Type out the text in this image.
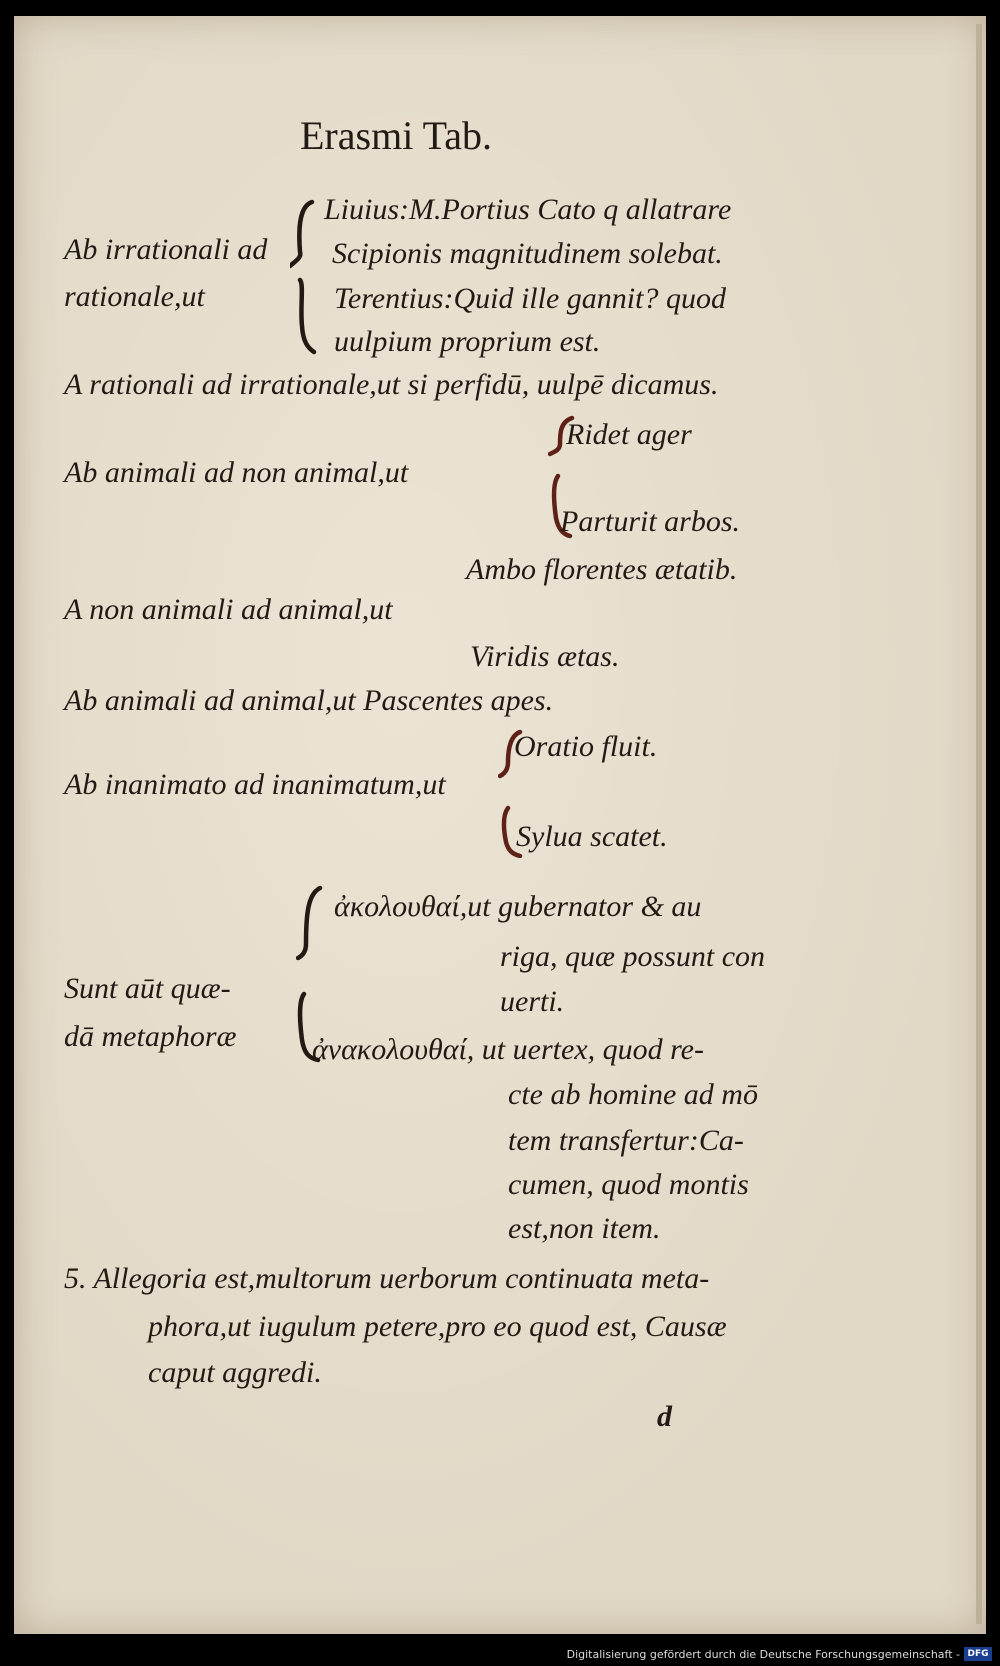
Erasmi Tab.
Ab irrationali ad
rationale,ut
Liuius:M.Portius Cato q allatrare
Scipionis magnitudinem solebat.
Terentius:Quid ille gannit? quod
uulpium proprium est.
A rationali ad irrationale,ut si perfidū, uulpē dicamus.
Ridet ager
Ab animali ad non animal,ut
Parturit arbos.
Ambo florentes ætatib.
A non animali ad animal,ut
Viridis ætas.
Ab animali ad animal,ut Pascentes apes.
Oratio fluit.
Ab inanimato ad inanimatum,ut
Sylua scatet.
ἀκολουθαί,ut gubernator & au
riga, quæ possunt con
Sunt aūt quæ-	uerti.
dā metaphoræ	ἀνακολουθαί, ut uertex, quod re-
cte ab homine ad mō
tem transfertur:Ca-
cumen, quod montis
est,non item.
5. Allegoria est,multorum uerborum continuata meta-
phora,ut iugulum petere,pro eo quod est, Causæ
caput aggredi.
d
Digitalisierung gefördert durch die Deutsche Forschungsgemeinschaft - DFG
